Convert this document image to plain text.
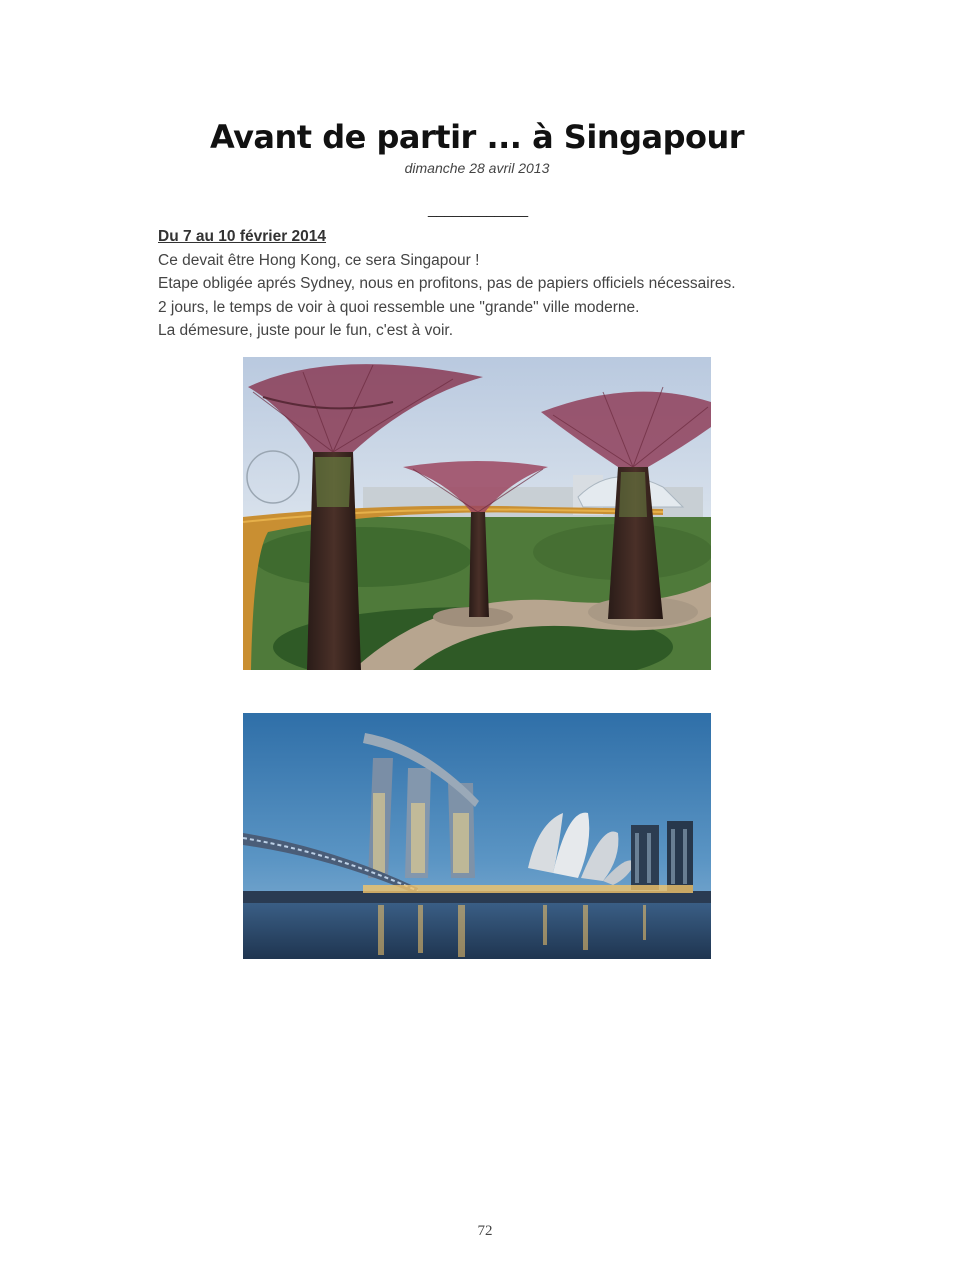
Avant de partir ... à Singapour
dimanche 28 avril 2013
____________

Du 7 au 10 février 2014

Ce devait être Hong Kong, ce sera Singapour !

Etape obligée aprés Sydney, nous en profitons, pas de papiers officiels nécessaires.

2 jours, le temps de voir à quoi ressemble une "grande" ville moderne.

La démesure, juste pour le fun, c'est à voir.

72
